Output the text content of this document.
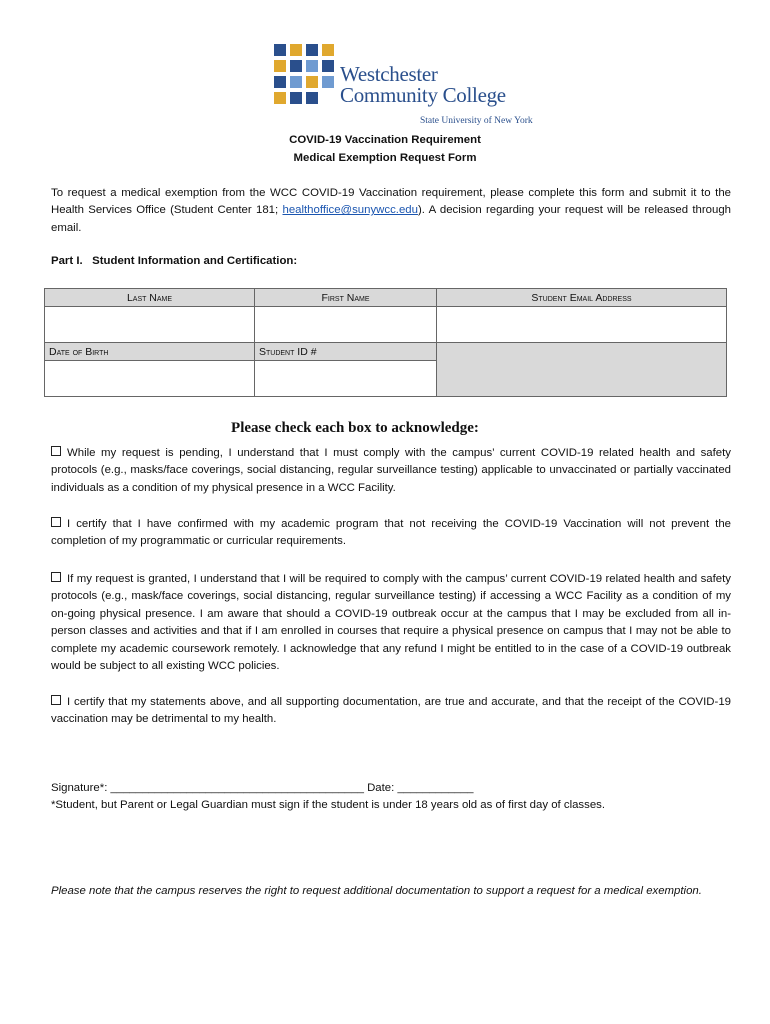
Westchester
Community College
State University of New York
COVID-19 Vaccination Requirement
Medical Exemption Request Form
To request a medical exemption from the WCC COVID-19 Vaccination requirement, please complete this form and submit it to the Health Services Office (Student Center 181; healthoffice@sunywcc.edu). A decision regarding your request will be released through email.
Part I. Student Information and Certification:
Last Name	First Name	Student Email Address

Date of Birth	Student ID #	

Please check each box to acknowledge:
While my request is pending, I understand that I must comply with the campus’ current COVID-19 related health and safety protocols (e.g., masks/face coverings, social distancing, regular surveillance testing) applicable to unvaccinated or partially vaccinated individuals as a condition of my physical presence in a WCC Facility.
I certify that I have confirmed with my academic program that not receiving the COVID-19 Vaccination will not prevent the completion of my programmatic or curricular requirements.
If my request is granted, I understand that I will be required to comply with the campus’ current COVID-19 related health and safety protocols (e.g., mask/face coverings, social distancing, regular surveillance testing) if accessing a WCC Facility as a condition of my on-going physical presence. I am aware that should a COVID-19 outbreak occur at the campus that I may be excluded from all in-person classes and activities and that if I am enrolled in courses that require a physical presence on campus that I may not be able to complete my academic coursework remotely. I acknowledge that any refund I might be entitled to in the case of a COVID-19 outbreak would be subject to all existing WCC policies.
I certify that my statements above, and all supporting documentation, are true and accurate, and that the receipt of the COVID-19 vaccination may be detrimental to my health.
Signature*: ________________________________________ Date: ____________
*Student, but Parent or Legal Guardian must sign if the student is under 18 years old as of first day of classes.
Please note that the campus reserves the right to request additional documentation to support a request for a medical exemption.
